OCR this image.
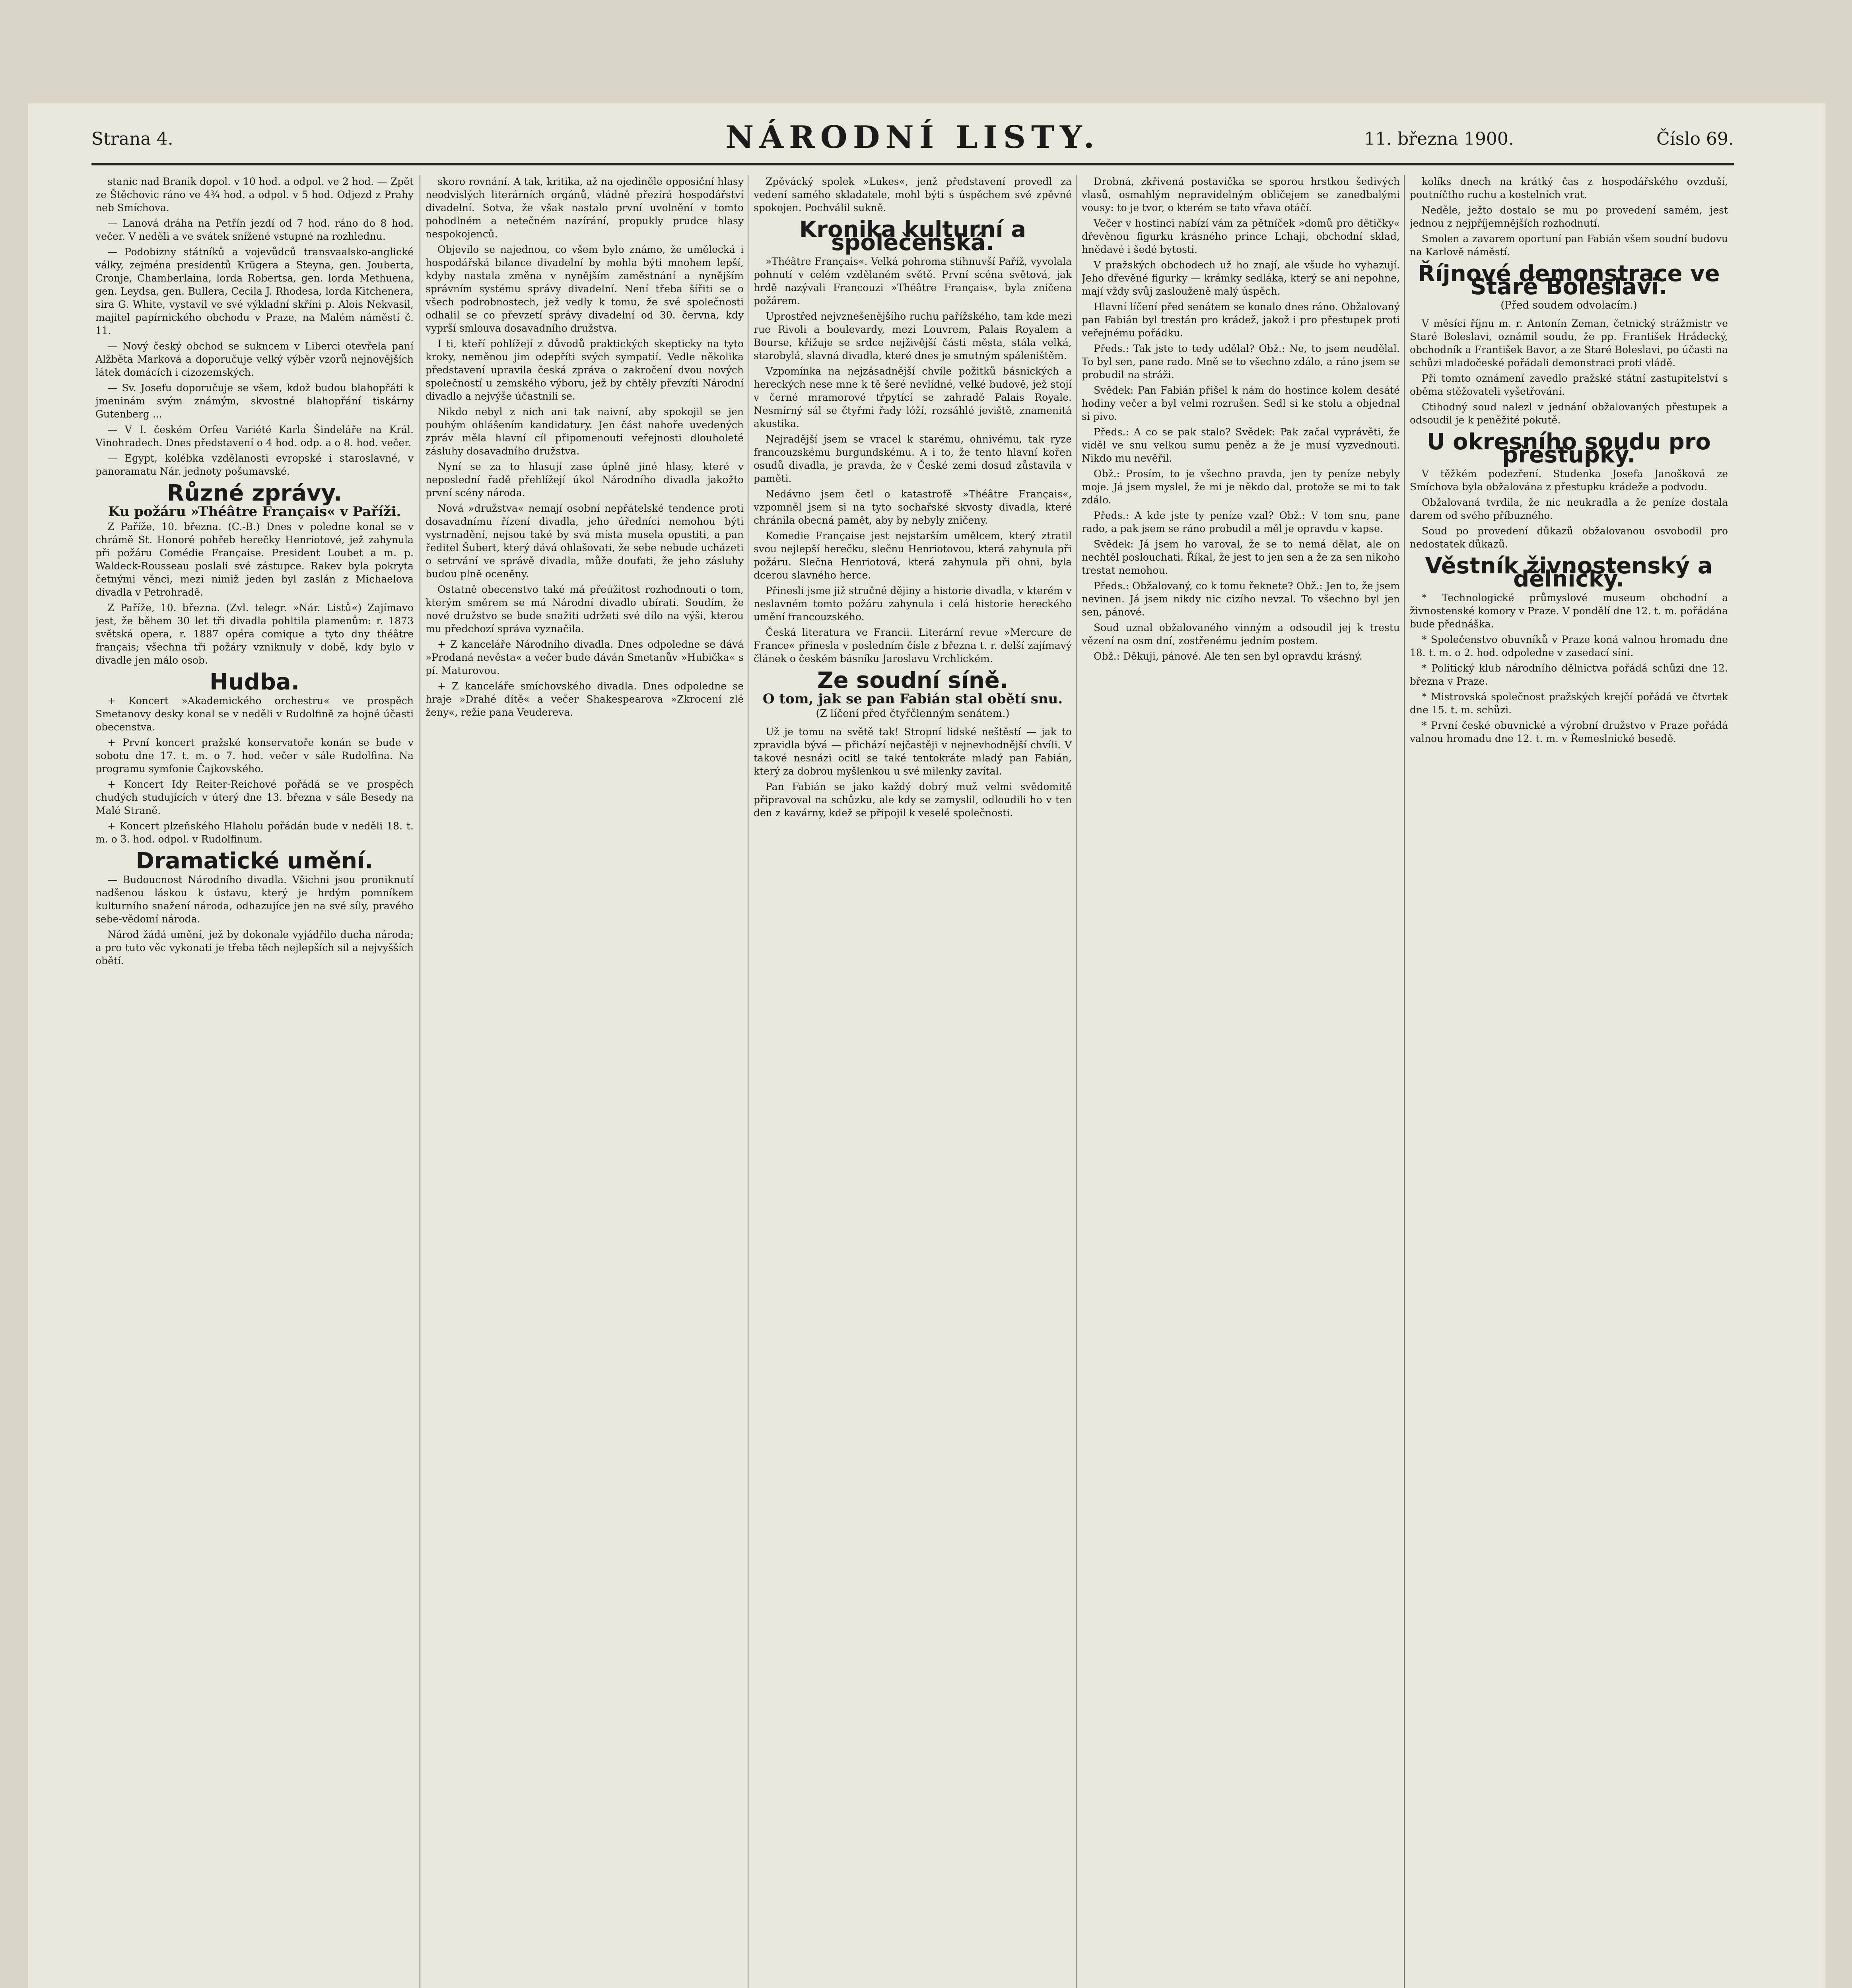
Strana 4.	NÁRODNÍ LISTY.	11. března 1900.	Číslo 69.

stanic nad Branik dopol. v 10 hod. a odpol. ve 2 hod. — Zpět ze Štěchovic ráno ve 4¾ hod. a odpol. v 5 hod. Odjezd z Prahy neb Smíchova.

— Lanová dráha na Petřín jezdí od 7 hod. ráno do 8 hod. večer. V neděli a ve svátek snížené vstupné na rozhlednu.

— Podobizny státníků a vojevůdců transvaalsko-anglické války, zejména presidentů Krügera a Steyna, gen. Jouberta, Cronje, Chamberlaina, lorda Robertsa, gen. lorda Methuena, gen. Leydsa, gen. Bullera, Cecila J. Rhodesa, lorda Kitchenera, sira G. White, vystavil ve své výkladní skříni p. Alois Nekvasil, majitel papírnického obchodu v Praze, na Malém náměstí č. 11.

— Nový český obchod se sukncem v Liberci otevřela paní Alžběta Marková a doporučuje velký výběr vzorů nejnovějších látek domácích i cizozemských.

— Sv. Josefu doporučuje se všem, kdož budou blahopřáti k jmeninám svým známým, skvostné blahopřání tiskárny Gutenberg ...

— V I. českém Orfeu Variété Karla Šindeláře na Král. Vinohradech. Dnes představení o 4 hod. odp. a o 8. hod. večer.

— Egypt, kolébka vzdělanosti evropské i staroslavné, v panoramatu Nár. jednoty pošumavské.

Různé zprávy.
Ku požáru »Théâtre Français« v Paříži.

Z Paříže, 10. března. (C.-B.) Dnes v poledne konal se v chrámě St. Honoré pohřeb herečky Henriotové, jež zahynula při požáru Comédie Française. President Loubet a m. p. Waldeck-Rousseau poslali své zástupce. Rakev byla pokryta četnými věnci, mezi nimiž jeden byl zaslán z Michaelova divadla v Petrohradě.

Z Paříže, 10. března. (Zvl. telegr. »Nár. Listů«) Zajímavo jest, že během 30 let tři divadla pohltila plamenům: r. 1873 světská opera, r. 1887 opéra comique a tyto dny théâtre français; všechna tři požáry vzniknuly v době, kdy bylo v divadle jen málo osob.

Hudba.

+ Koncert »Akademického orchestru« ve prospěch Smetanovy desky konal se v neděli v Rudolfině za hojné účasti obecenstva.

+ První koncert pražské konservatoře konán se bude v sobotu dne 17. t. m. o 7. hod. večer v sále Rudolfina. Na programu symfonie Čajkovského.

+ Koncert Idy Reiter-Reichové pořádá se ve prospěch chudých studujících v úterý dne 13. března v sále Besedy na Malé Straně.

+ Koncert plzeňského Hlaholu pořádán bude v neděli 18. t. m. o 3. hod. odpol. v Rudolfinum.

Dramatické umění.

— Budoucnost Národního divadla. Všichni jsou proniknutí nadšenou láskou k ústavu, který je hrdým pomníkem kulturního snažení národa, odhazujíce jen na své síly, pravého sebe-vědomí národa.

Národ žádá umění, jež by dokonale vyjádřilo ducha národa; a pro tuto věc vykonati je třeba těch nejlepších sil a nejvyšších obětí.

skoro rovnání. A tak, kritika, až na ojediněle opposiční hlasy neodvislých literárních orgánů, vládně přezírá hospodářství divadelní. Sotva, že však nastalo první uvolnění v tomto pohodlném a netečném nazírání, propukly prudce hlasy nespokojenců.

Objevilo se najednou, co všem bylo známo, že umělecká i hospodářská bilance divadelní by mohla býti mnohem lepší, kdyby nastala změna v nynějším zaměstnání a nynějším správním systému správy divadelní. Není třeba šířiti se o všech podrobnostech, jež vedly k tomu, že své společnosti odhalil se co převzetí správy divadelní od 30. června, kdy vyprší smlouva dosavadního družstva.

I ti, kteří pohlížejí z důvodů praktických skepticky na tyto kroky, neměnou jim odepříti svých sympatií. Vedle několika představení upravila česká zpráva o zakročení dvou nových společností u zemského výboru, jež by chtěly převzíti Národní divadlo a nejvýše účastnili se.

Nikdo nebyl z nich ani tak naivní, aby spokojil se jen pouhým ohlášením kandidatury. Jen část nahoře uvedených zpráv měla hlavní cíl připomenouti veřejnosti dlouholeté zásluhy dosavadního družstva.

Nyní se za to hlasují zase úplně jiné hlasy, které v neposlední řadě přehlížejí úkol Národního divadla jakožto první scény národa.

Nová »družstva« nemají osobní nepřátelské tendence proti dosavadnímu řízení divadla, jeho úředníci nemohou býti vystrnadění, nejsou také by svá místa musela opustiti, a pan ředitel Šubert, který dává ohlašovati, že sebe nebude ucházeti o setrvání ve správě divadla, může doufati, že jeho zásluhy budou plně oceněny.

Ostatně obecenstvo také má přeúžitost rozhodnouti o tom, kterým směrem se má Národní divadlo ubírati. Soudím, že nové družstvo se bude snažiti udržeti své dílo na výši, kterou mu předchozí správa vyznačila.

+ Z kanceláře Národního divadla. Dnes odpoledne se dává »Prodaná nevěsta« a večer bude dáván Smetanův »Hubička« s pí. Maturovou.

+ Z kanceláře smíchovského divadla. Dnes odpoledne se hraje »Drahé dítě« a večer Shakespearova »Zkrocení zlé ženy«, režie pana Veudereva.

Zpěvácký spolek »Lukes«, jenž představení provedl za vedení samého skladatele, mohl býti s úspěchem své zpěvné spokojen. Pochválil sukně.

Kronika kulturní a společenská.

»Théâtre Français«. Velká pohroma stihnuvší Paříž, vyvolala pohnutí v celém vzdělaném světě. První scéna světová, jak hrdě nazývali Francouzi »Théâtre Français«, byla zničena požárem.

Uprostřed nejvznešenějšího ruchu pařížského, tam kde mezi rue Rivoli a boulevardy, mezi Louvrem, Palais Royalem a Bourse, křižuje se srdce nejživější části města, stála velká, starobylá, slavná divadla, které dnes je smutným spáleništěm.

Vzpomínka na nejzásadnější chvíle požitků básnických a hereckých nese mne k tě šeré nevlídné, velké budově, jež stojí v černé mramorové třpytící se zahradě Palais Royale. Nesmírný sál se čtyřmi řady lóží, rozsáhlé jeviště, znamenitá akustika.

Nejradější jsem se vracel k starému, ohnivému, tak ryze francouzskému burgundskému. A i to, že tento hlavní kořen osudů divadla, je pravda, že v České zemi dosud zůstavila v paměti.

Nedávno jsem četl o katastrofě »Théâtre Français«, vzpomněl jsem si na tyto sochařské skvosty divadla, které chránila obecná pamět, aby by nebyly zničeny.

Komedie Française jest nejstarším umělcem, který ztratil svou nejlepší herečku, slečnu Henriotovou, která zahynula při požáru. Slečna Henriotová, která zahynula při ohni, byla dcerou slavného herce.

Přinesli jsme již stručné dějiny a historie divadla, v kterém v neslavném tomto požáru zahynula i celá historie hereckého umění francouzského.

Česká literatura ve Francii. Literární revue »Mercure de France« přinesla v posledním čísle z března t. r. delší zajímavý článek o českém básníku Jaroslavu Vrchlickém.

Ze soudní síně.
O tom, jak se pan Fabián stal obětí snu.
(Z líčení před čtyřčlenným senátem.)

Už je tomu na světě tak! Stropní lidské neštěstí — jak to zpravidla bývá — přichází nejčastěji v nejnevhodnější chvíli. V takové nesnázi ocitl se také tentokráte mladý pan Fabián, který za dobrou myšlenkou u své milenky zavítal.

Pan Fabián se jako každý dobrý muž velmi svědomitě připravoval na schůzku, ale kdy se zamyslil, odloudili ho v ten den z kavárny, kdež se připojil k veselé společnosti.

Drobná, zkřivená postavička se sporou hrstkou šedivých vlasů, osmahlým nepravidelným obličejem se zanedbalými vousy: to je tvor, o kterém se tato vřava otáčí.

Večer v hostinci nabízí vám za pětníček »domů pro dětičky« dřevěnou figurku krásného prince Lchaji, obchodní sklad, hnědavé i šedé bytosti.

V pražských obchodech už ho znají, ale všude ho vyhazují. Jeho dřevěné figurky — krámky sedláka, který se ani nepohne, mají vždy svůj zaslouženě malý úspěch.

Hlavní líčení před senátem se konalo dnes ráno. Obžalovaný pan Fabián byl trestán pro krádež, jakož i pro přestupek proti veřejnému pořádku.

Předs.: Tak jste to tedy udělal? Obž.: Ne, to jsem neudělal. To byl sen, pane rado. Mně se to všechno zdálo, a ráno jsem se probudil na stráži.

Svědek: Pan Fabián přišel k nám do hostince kolem desáté hodiny večer a byl velmi rozrušen. Sedl si ke stolu a objednal si pivo.

Předs.: A co se pak stalo? Svědek: Pak začal vyprávěti, že viděl ve snu velkou sumu peněz a že je musí vyzvednouti. Nikdo mu nevěřil.

Obž.: Prosím, to je všechno pravda, jen ty peníze nebyly moje. Já jsem myslel, že mi je někdo dal, protože se mi to tak zdálo.

Předs.: A kde jste ty peníze vzal? Obž.: V tom snu, pane rado, a pak jsem se ráno probudil a měl je opravdu v kapse.

Svědek: Já jsem ho varoval, že se to nemá dělat, ale on nechtěl poslouchati. Říkal, že jest to jen sen a že za sen nikoho trestat nemohou.

Předs.: Obžalovaný, co k tomu řeknete? Obž.: Jen to, že jsem nevinen. Já jsem nikdy nic cizího nevzal. To všechno byl jen sen, pánové.

Soud uznal obžalovaného vinným a odsoudil jej k trestu vězení na osm dní, zostřenému jedním postem.

Obž.: Děkuji, pánové. Ale ten sen byl opravdu krásný.

kolíks dnech na krátký čas z hospodářského ovzduší, poutníčtho ruchu a kostelních vrat.

Neděle, ježto dostalo se mu po provedení samém, jest jednou z nejpříjemnějších rozhodnutí.

Smolen a zavarem oportuní pan Fabián všem soudní budovu na Karlově náměstí.

Říjnové demonstrace ve Staré Boleslavi.
(Před soudem odvolacím.)

V měsíci říjnu m. r. Antonín Zeman, četnický strážmistr ve Staré Boleslavi, oznámil soudu, že pp. František Hrádecký, obchodník a František Bavor, a ze Staré Boleslavi, po účasti na schůzi mladočeské pořádali demonstraci proti vládě.

Při tomto oznámení zavedlo pražské státní zastupitelství s oběma stěžovateli vyšetřování.

Ctihodný soud nalezl v jednání obžalovaných přestupek a odsoudil je k peněžité pokutě.

U okresního soudu pro přestupky.

V těžkém podezření. Studenka Josefa Janošková ze Smíchova byla obžalována z přestupku krádeže a podvodu.

Obžalovaná tvrdila, že nic neukradla a že peníze dostala darem od svého příbuzného.

Soud po provedení důkazů obžalovanou osvobodil pro nedostatek důkazů.

Věstník živnostenský a dělnický.

* Technologické průmyslové museum obchodní a živnostenské komory v Praze. V pondělí dne 12. t. m. pořádána bude přednáška.

* Společenstvo obuvníků v Praze koná valnou hromadu dne 18. t. m. o 2. hod. odpoledne v zasedací síni.

* Politický klub národního dělnictva pořádá schůzi dne 12. března v Praze.

* Mistrovská společnost pražských krejčí pořádá ve čtvrtek dne 15. t. m. schůzi.

* První české obuvnické a výrobní družstvo v Praze pořádá valnou hromadu dne 12. t. m. v Řemeslnické besedě.
